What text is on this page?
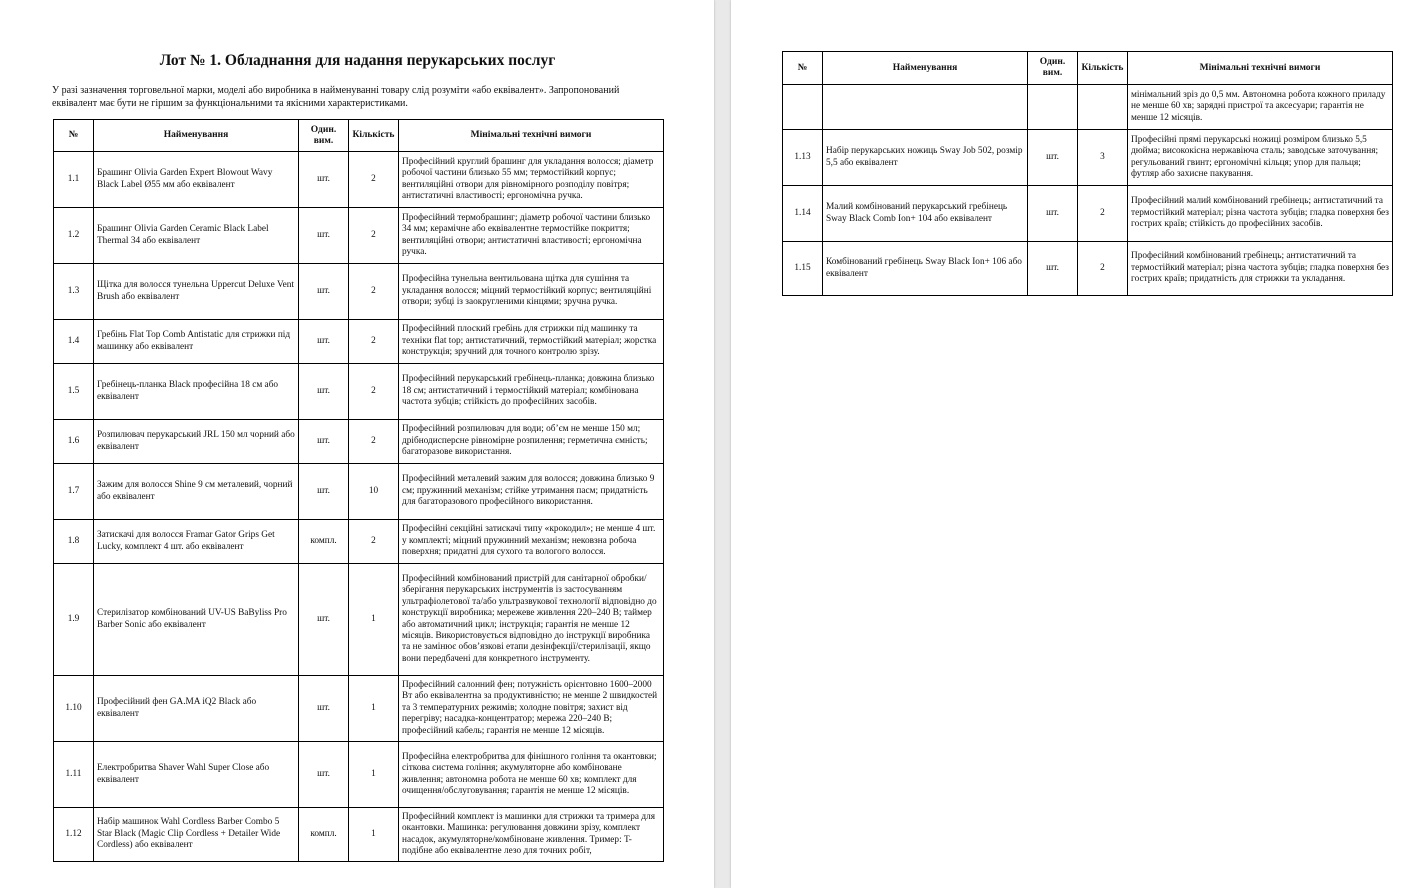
Лот № 1. Обладнання для надання перукарських послуг

У разі зазначення торговельної марки, моделі або виробника в найменуванні товару слід розуміти «або еквівалент». Запропонований еквівалент має бути не гіршим за функціональними та якісними характеристиками.

№	Найменування	Один. вим.	Кількість	Мінімальні технічні вимоги
1.1	Брашинг Olivia Garden Expert Blowout Wavy Black Label Ø55 мм або еквівалент	шт.	2	Професійний круглий брашинг для укладання волосся; діаметр робочої частини близько 55 мм; термостійкий корпус; вентиляційні отвори для рівномірного розподілу повітря; антистатичні властивості; ергономічна ручка.
1.2	Брашинг Olivia Garden Ceramic Black Label Thermal 34 або еквівалент	шт.	2	Професійний термобрашинг; діаметр робочої частини близько 34 мм; керамічне або еквівалентне термостійке покриття; вентиляційні отвори; антистатичні властивості; ергономічна ручка.
1.3	Щітка для волосся тунельна Uppercut Deluxe Vent Brush або еквівалент	шт.	2	Професійна тунельна вентильована щітка для сушіння та укладання волосся; міцний термостійкий корпус; вентиляційні отвори; зубці із заокругленими кінцями; зручна ручка.
1.4	Гребінь Flat Top Comb Antistatic для стрижки під машинку або еквівалент	шт.	2	Професійний плоский гребінь для стрижки під машинку та техніки flat top; антистатичний, термостійкий матеріал; жорстка конструкція; зручний для точного контролю зрізу.
1.5	Гребінець-планка Black професійна 18 см або еквівалент	шт.	2	Професійний перукарський гребінець-планка; довжина близько 18 см; антистатичний і термостійкий матеріал; комбінована частота зубців; стійкість до професійних засобів.
1.6	Розпилювач перукарський JRL 150 мл чорний або еквівалент	шт.	2	Професійний розпилювач для води; об’єм не менше 150 мл; дрібнодисперсне рівномірне розпилення; герметична ємність; багаторазове використання.
1.7	Зажим для волосся Shine 9 см металевий, чорний або еквівалент	шт.	10	Професійний металевий зажим для волосся; довжина близько 9 см; пружинний механізм; стійке утримання пасм; придатність для багаторазового професійного використання.
1.8	Затискачі для волосся Framar Gator Grips Get Lucky, комплект 4 шт. або еквівалент	компл.	2	Професійні секційні затискачі типу «крокодил»; не менше 4 шт. у комплекті; міцний пружинний механізм; нековзна робоча поверхня; придатні для сухого та вологого волосся.
1.9	Стерилізатор комбінований UV-US BaByliss Pro Barber Sonic або еквівалент	шт.	1	Професійний комбінований пристрій для санітарної обробки/зберігання перукарських інструментів із застосуванням ультрафіолетової та/або ультразвукової технології відповідно до конструкції виробника; мережеве живлення 220–240 В; таймер або автоматичний цикл; інструкція; гарантія не менше 12 місяців. Використовується відповідно до інструкції виробника та не замінює обов’язкові етапи дезінфекції/стерилізації, якщо вони передбачені для конкретного інструменту.
1.10	Професійний фен GA.MA iQ2 Black або еквівалент	шт.	1	Професійний салонний фен; потужність орієнтовно 1600–2000 Вт або еквівалентна за продуктивністю; не менше 2 швидкостей та 3 температурних режимів; холодне повітря; захист від перегріву; насадка-концентратор; мережа 220–240 В; професійний кабель; гарантія не менше 12 місяців.
1.11	Електробритва Shaver Wahl Super Close або еквівалент	шт.	1	Професійна електробритва для фінішного гоління та окантовки; сіткова система гоління; акумуляторне або комбіноване живлення; автономна робота не менше 60 хв; комплект для очищення/обслуговування; гарантія не менше 12 місяців.
1.12	Набір машинок Wahl Cordless Barber Combo 5 Star Black (Magic Clip Cordless + Detailer Wide Cordless) або еквівалент	компл.	1	Професійний комплект із машинки для стрижки та тримера для окантовки. Машинка: регулювання довжини зрізу, комплект насадок, акумуляторне/комбіноване живлення. Тример: T-подібне або еквівалентне лезо для точних робіт,
№	Найменування	Один. вим.	Кількість	Мінімальні технічні вимоги
				мінімальний зріз до 0,5 мм. Автономна робота кожного приладу не менше 60 хв; зарядні пристрої та аксесуари; гарантія не менше 12 місяців.
1.13	Набір перукарських ножиць Sway Job 502, розмір 5,5 або еквівалент	шт.	3	Професійні прямі перукарські ножиці розміром близько 5,5 дюйма; висококісна нержавіюча сталь; заводське заточування; регульований гвинт; ергономічні кільця; упор для пальця; футляр або захисне пакування.
1.14	Малий комбінований перукарський гребінець Sway Black Comb Ion+ 104 або еквівалент	шт.	2	Професійний малий комбінований гребінець; антистатичний та термостійкий матеріал; різна частота зубців; гладка поверхня без гострих країв; стійкість до професійних засобів.
1.15	Комбінований гребінець Sway Black Ion+ 106 або еквівалент	шт.	2	Професійний комбінований гребінець; антистатичний та термостійкий матеріал; різна частота зубців; гладка поверхня без гострих країв; придатність для стрижки та укладання.
